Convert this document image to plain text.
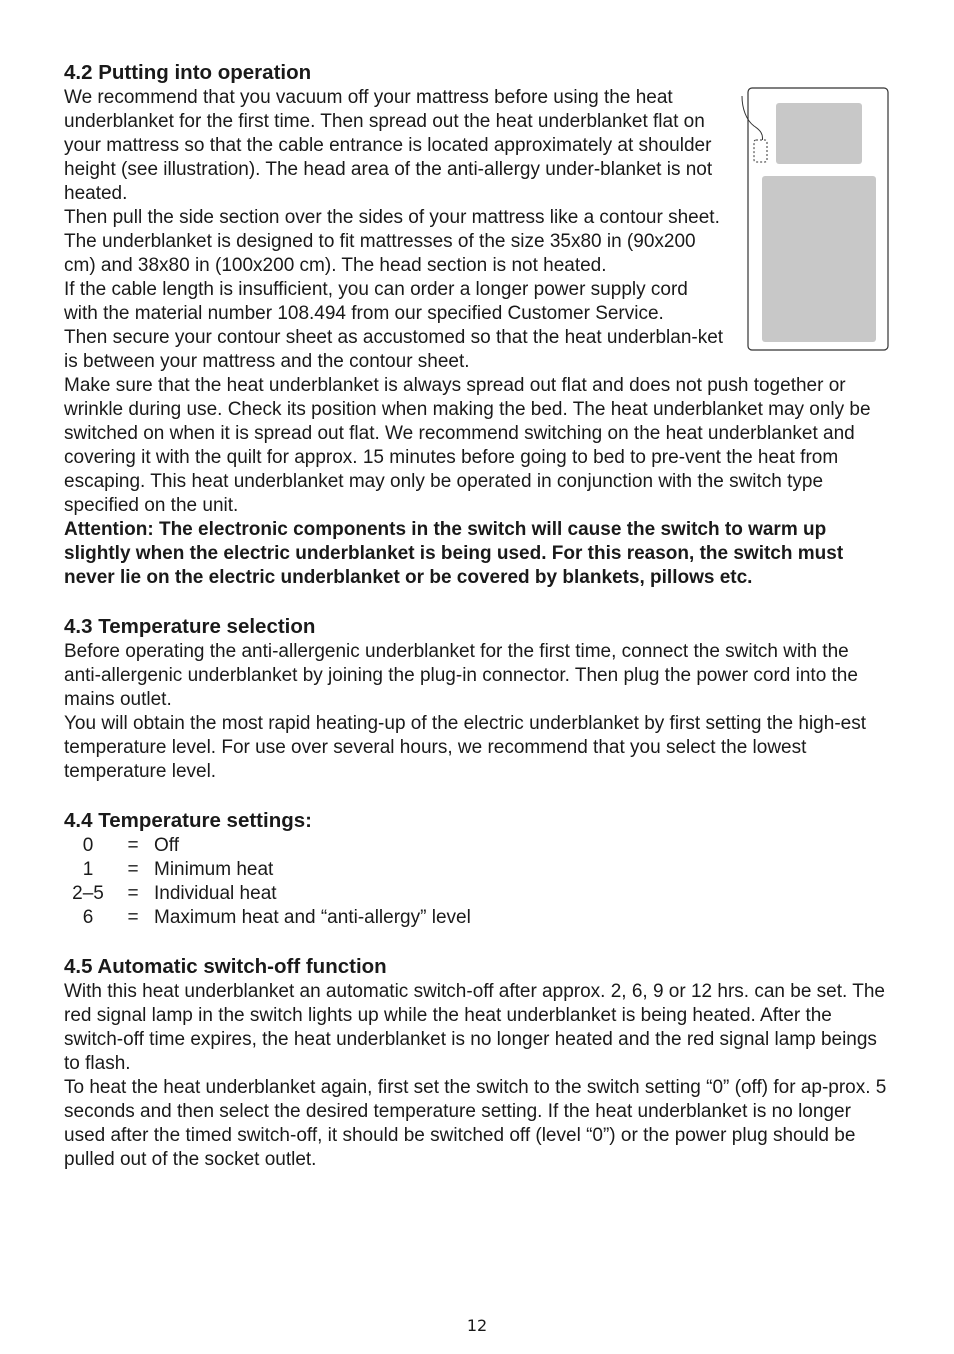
4.2 Putting into operation

We recommend that you vacuum off your mattress before using the heat underblanket for the first time. Then spread out the heat underblanket flat on your mattress so that the cable entrance is located approximately at shoulder height (see illustration). The head area of the anti-allergy under-blanket is not heated.

Then pull the side section over the sides of your mattress like a contour sheet. The underblanket is designed to fit mattresses of the size 35x80 in (90x200 cm) and 38x80 in (100x200 cm). The head section is not heated.

If the cable length is insufficient, you can order a longer power supply cord with the material number 108.494 from our specified Customer Service.

Then secure your contour sheet as accustomed so that the heat underblan-ket is between your mattress and the contour sheet.

Make sure that the heat underblanket is always spread out flat and does not push together or wrinkle during use. Check its position when making the bed. The heat underblanket may only be switched on when it is spread out flat. We recommend switching on the heat underblanket and covering it with the quilt for approx. 15 minutes before going to bed to pre-vent the heat from escaping. This heat underblanket may only be operated in conjunction with the switch type specified on the unit.

Attention: The electronic components in the switch will cause the switch to warm up slightly when the electric underblanket is being used. For this reason, the switch must never lie on the electric underblanket or be covered by blankets, pillows etc.

4.3 Temperature selection

Before operating the anti-allergenic underblanket for the first time, connect the switch with the anti-allergenic underblanket by joining the plug-in connector. Then plug the power cord into the mains outlet.

You will obtain the most rapid heating-up of the electric underblanket by first setting the high-est temperature level. For use over several hours, we recommend that you select the lowest temperature level.

4.4 Temperature settings:
0	=	Off
1	=	Minimum heat
2–5	=	Individual heat
6	=	Maximum heat and “anti-allergy” level
4.5 Automatic switch-off function

With this heat underblanket an automatic switch-off after approx. 2, 6, 9 or 12 hrs. can be set. The red signal lamp in the switch lights up while the heat underblanket is being heated. After the switch-off time expires, the heat underblanket is no longer heated and the red signal lamp beings to flash.

To heat the heat underblanket again, first set the switch to the switch setting “0” (off) for ap-prox. 5 seconds and then select the desired temperature setting. If the heat underblanket is no longer used after the timed switch-off, it should be switched off (level “0”) or the power plug should be pulled out of the socket outlet.

12
